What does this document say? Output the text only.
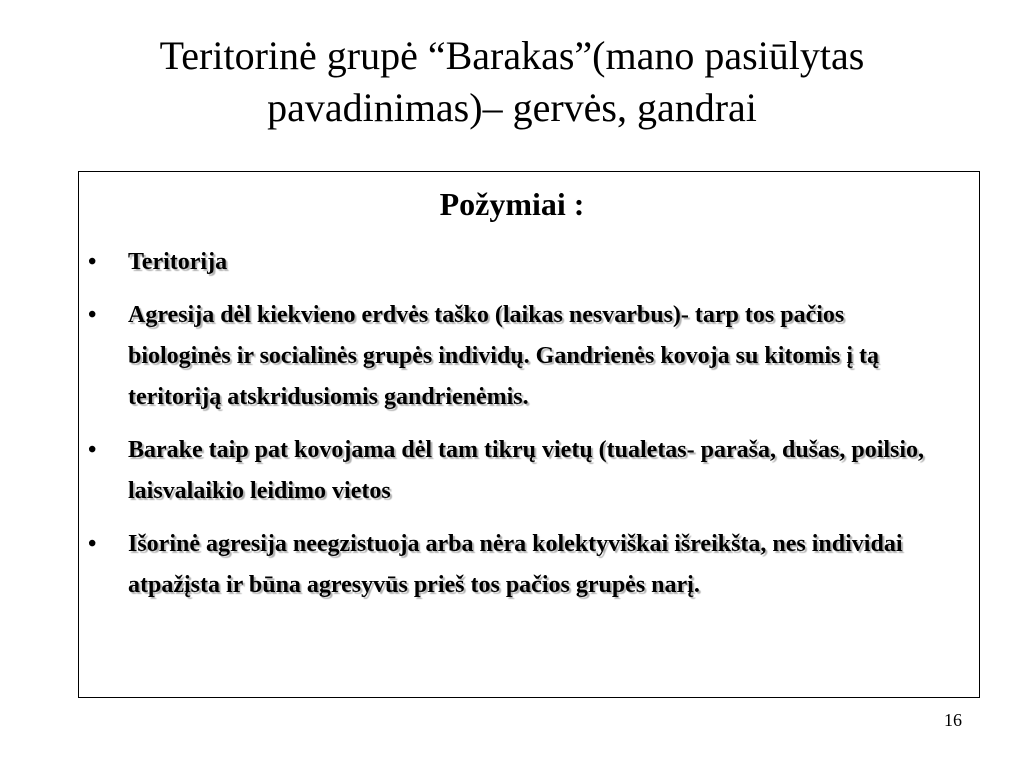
Teritorinė grupė “Barakas”(mano pasiūlytas
pavadinimas)– gervės, gandrai
Požymiai :
•	Teritorija
•	Agresija dėl kiekvieno erdvės taško (laikas nesvarbus)- tarp tos pačios biologinės ir socialinės grupės individų. Gandrienės kovoja su kitomis į tą teritoriją atskridusiomis gandrienėmis.
•	Barake taip pat kovojama dėl tam tikrų vietų (tualetas- paraša, dušas, poilsio, laisvalaikio leidimo vietos
•	Išorinė agresija neegzistuoja arba nėra kolektyviškai išreikšta, nes individai atpažįsta ir būna agresyvūs prieš tos pačios grupės narį.
16
